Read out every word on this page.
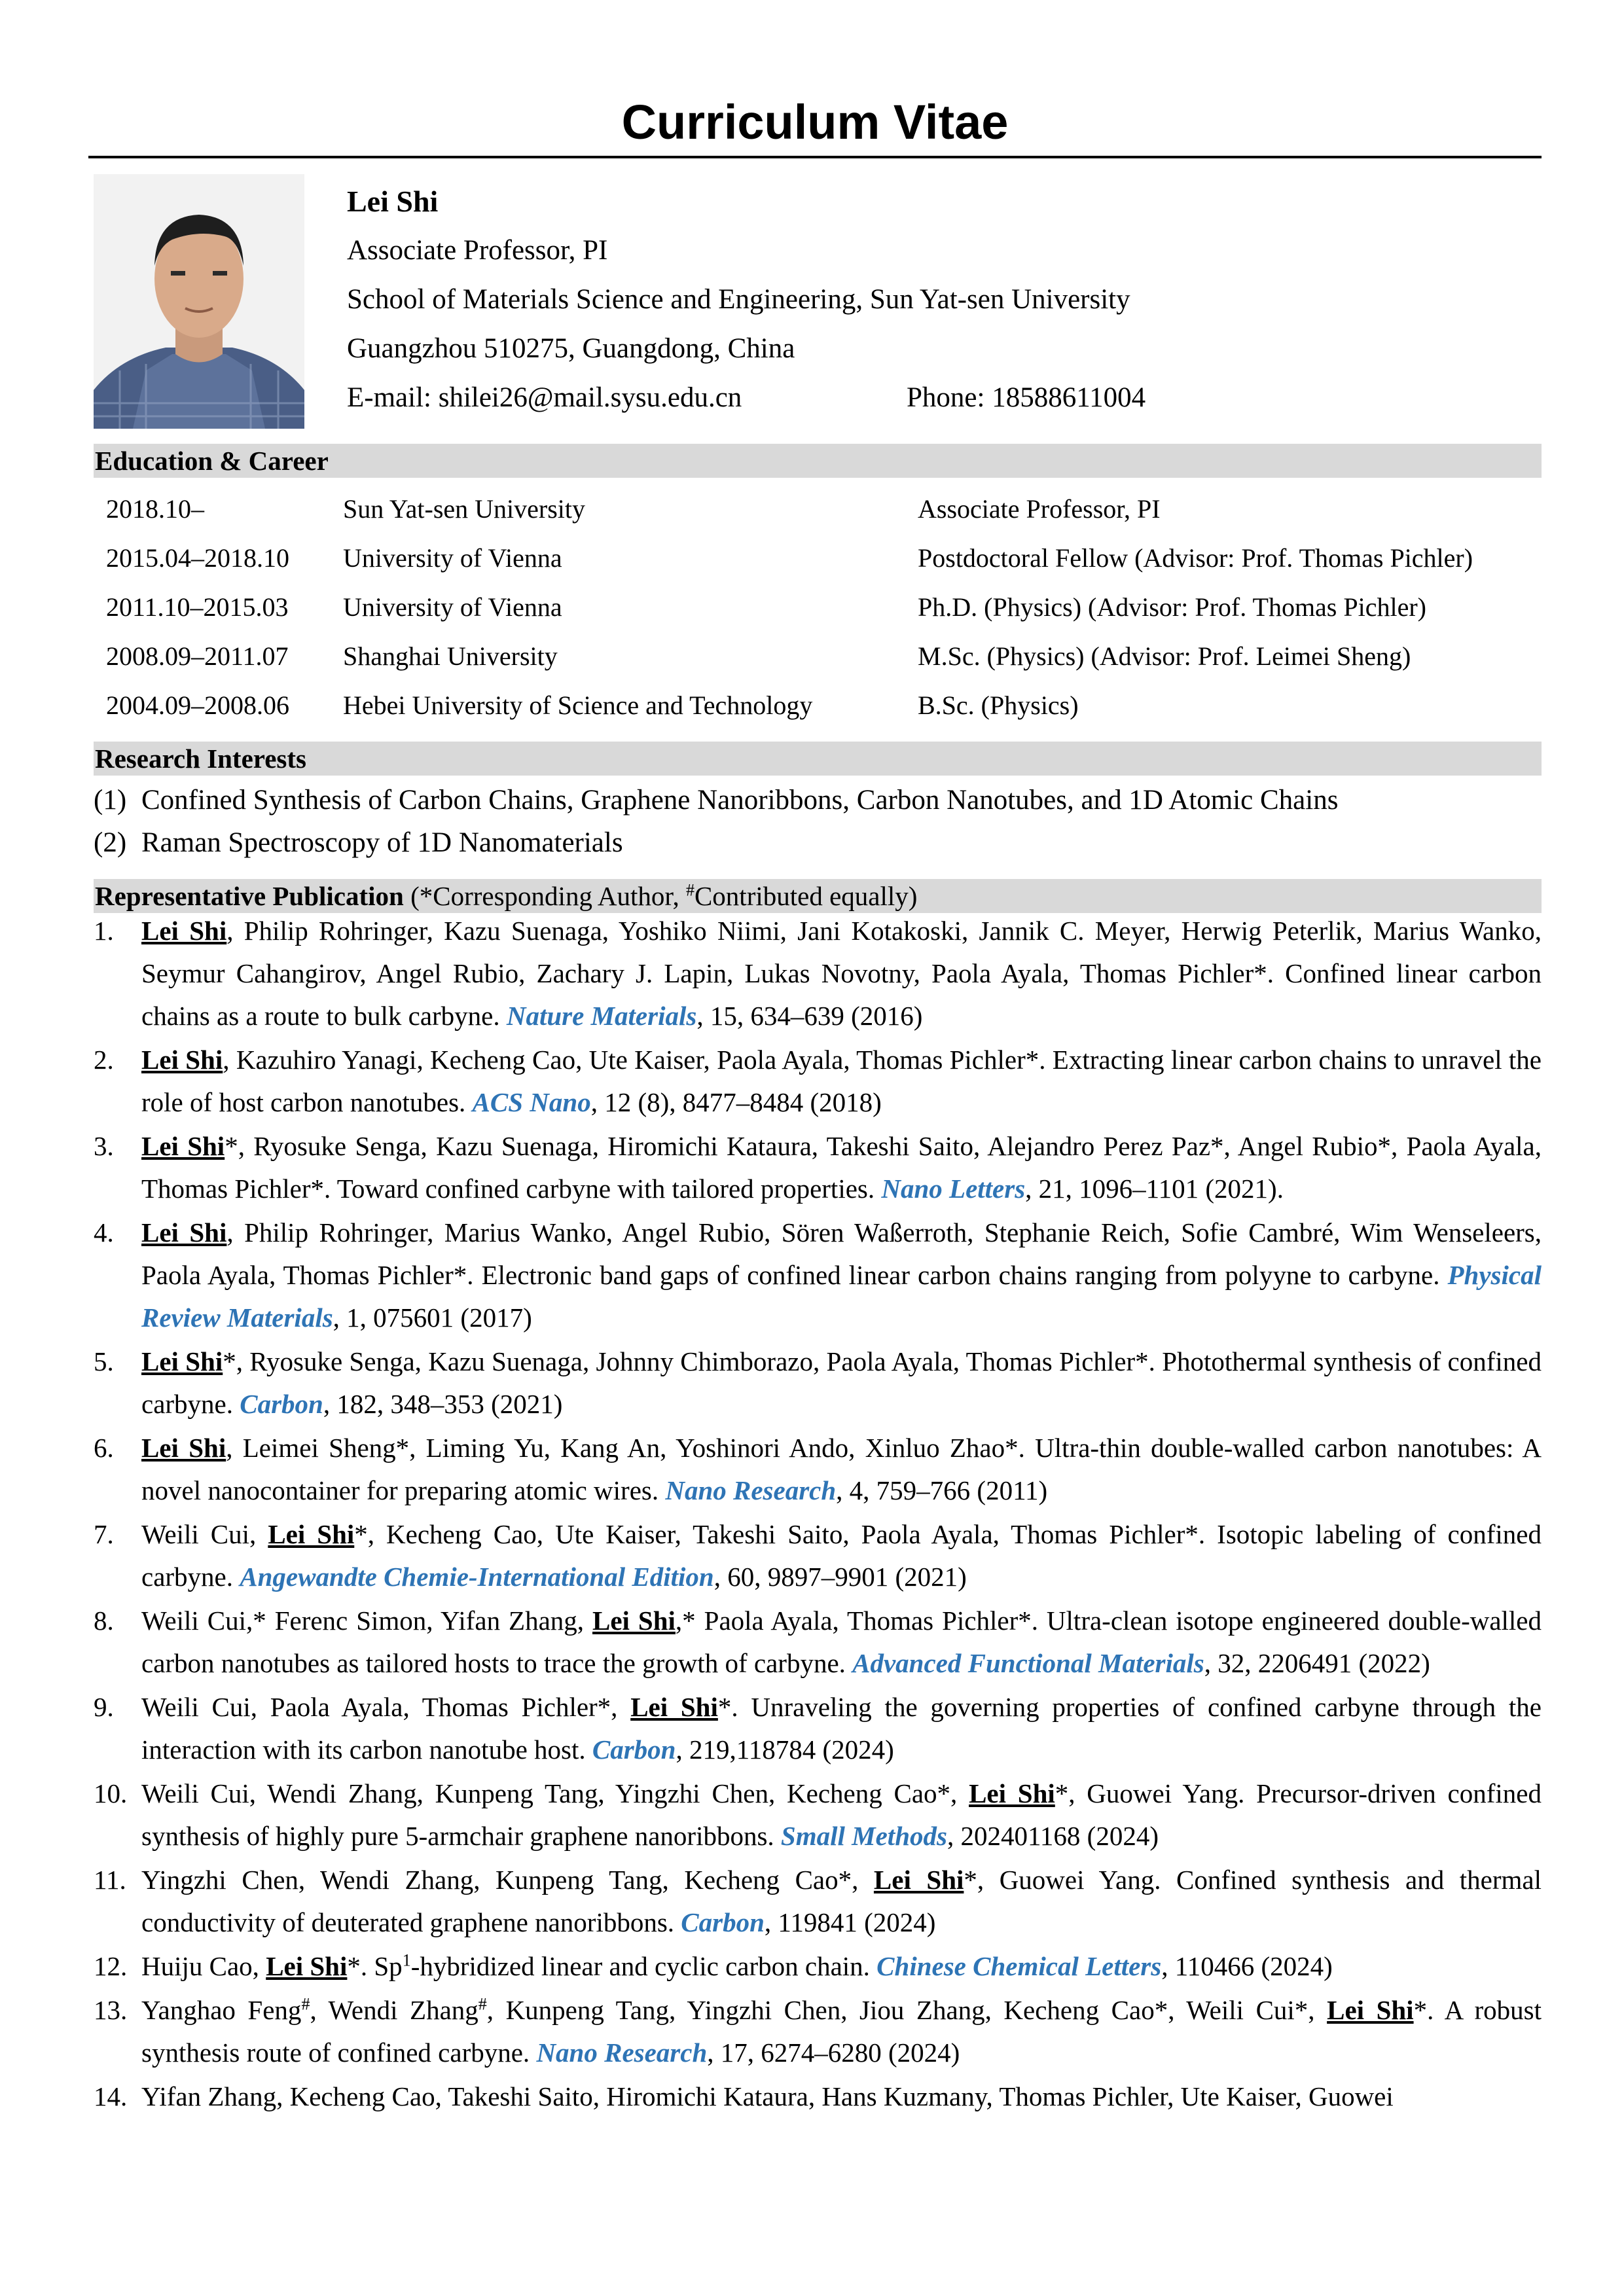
Curriculum Vitae
Lei Shi
Associate Professor, PI
School of Materials Science and Engineering, Sun Yat-sen University
Guangzhou 510275, Guangdong, China
E-mail: shilei26@mail.sysu.edu.cn	Phone: 18588611004
Education & Career
2018.10–	Sun Yat-sen University	Associate Professor, PI
2015.04–2018.10 University of Vienna	Postdoctoral Fellow (Advisor: Prof. Thomas Pichler)
2011.10–2015.03 University of Vienna	Ph.D. (Physics) (Advisor: Prof. Thomas Pichler)
2008.09–2011.07 Shanghai University	M.Sc. (Physics) (Advisor: Prof. Leimei Sheng)
2004.09–2008.06 Hebei University of Science and Technology	B.Sc. (Physics)
Research Interests
(1) Confined Synthesis of Carbon Chains, Graphene Nanoribbons, Carbon Nanotubes, and 1D Atomic Chains
(2) Raman Spectroscopy of 1D Nanomaterials
Representative Publication (*Corresponding Author, #Contributed equally)
1. Lei Shi, Philip Rohringer, Kazu Suenaga, Yoshiko Niimi, Jani Kotakoski, Jannik C. Meyer, Herwig Peterlik, Marius Wanko, Seymur Cahangirov, Angel Rubio, Zachary J. Lapin, Lukas Novotny, Paola Ayala, Thomas Pichler*. Confined linear carbon chains as a route to bulk carbyne. Nature Materials, 15, 634–639 (2016)
2. Lei Shi, Kazuhiro Yanagi, Kecheng Cao, Ute Kaiser, Paola Ayala, Thomas Pichler*. Extracting linear carbon chains to unravel the role of host carbon nanotubes. ACS Nano, 12 (8), 8477–8484 (2018)
3. Lei Shi*, Ryosuke Senga, Kazu Suenaga, Hiromichi Kataura, Takeshi Saito, Alejandro Perez Paz*, Angel Rubio*, Paola Ayala, Thomas Pichler*. Toward confined carbyne with tailored properties. Nano Letters, 21, 1096–1101 (2021).
4. Lei Shi, Philip Rohringer, Marius Wanko, Angel Rubio, Sören Waßerroth, Stephanie Reich, Sofie Cambré, Wim Wenseleers, Paola Ayala, Thomas Pichler*. Electronic band gaps of confined linear carbon chains ranging from polyyne to carbyne. Physical Review Materials, 1, 075601 (2017)
5. Lei Shi*, Ryosuke Senga, Kazu Suenaga, Johnny Chimborazo, Paola Ayala, Thomas Pichler*. Photothermal synthesis of confined carbyne. Carbon, 182, 348–353 (2021)
6. Lei Shi, Leimei Sheng*, Liming Yu, Kang An, Yoshinori Ando, Xinluo Zhao*. Ultra-thin double-walled carbon nanotubes: A novel nanocontainer for preparing atomic wires. Nano Research, 4, 759–766 (2011)
7. Weili Cui, Lei Shi*, Kecheng Cao, Ute Kaiser, Takeshi Saito, Paola Ayala, Thomas Pichler*. Isotopic labeling of confined carbyne. Angewandte Chemie-International Edition, 60, 9897–9901 (2021)
8. Weili Cui,* Ferenc Simon, Yifan Zhang, Lei Shi,* Paola Ayala, Thomas Pichler*. Ultra-clean isotope engineered double-walled carbon nanotubes as tailored hosts to trace the growth of carbyne. Advanced Functional Materials, 32, 2206491 (2022)
9. Weili Cui, Paola Ayala, Thomas Pichler*, Lei Shi*. Unraveling the governing properties of confined carbyne through the interaction with its carbon nanotube host. Carbon, 219,118784 (2024)
10. Weili Cui, Wendi Zhang, Kunpeng Tang, Yingzhi Chen, Kecheng Cao*, Lei Shi*, Guowei Yang. Precursor-driven confined synthesis of highly pure 5-armchair graphene nanoribbons. Small Methods, 202401168 (2024)
11. Yingzhi Chen, Wendi Zhang, Kunpeng Tang, Kecheng Cao*, Lei Shi*, Guowei Yang. Confined synthesis and thermal conductivity of deuterated graphene nanoribbons. Carbon, 119841 (2024)
12. Huiju Cao, Lei Shi*. Sp$^1$-hybridized linear and cyclic carbon chain. Chinese Chemical Letters, 110466 (2024)
13. Yanghao Feng#, Wendi Zhang#, Kunpeng Tang, Yingzhi Chen, Jiou Zhang, Kecheng Cao*, Weili Cui*, Lei Shi*. A robust synthesis route of confined carbyne. Nano Research, 17, 6274–6280 (2024)
14. Yifan Zhang, Kecheng Cao, Takeshi Saito, Hiromichi Kataura, Hans Kuzmany, Thomas Pichler, Ute Kaiser, Guowei
